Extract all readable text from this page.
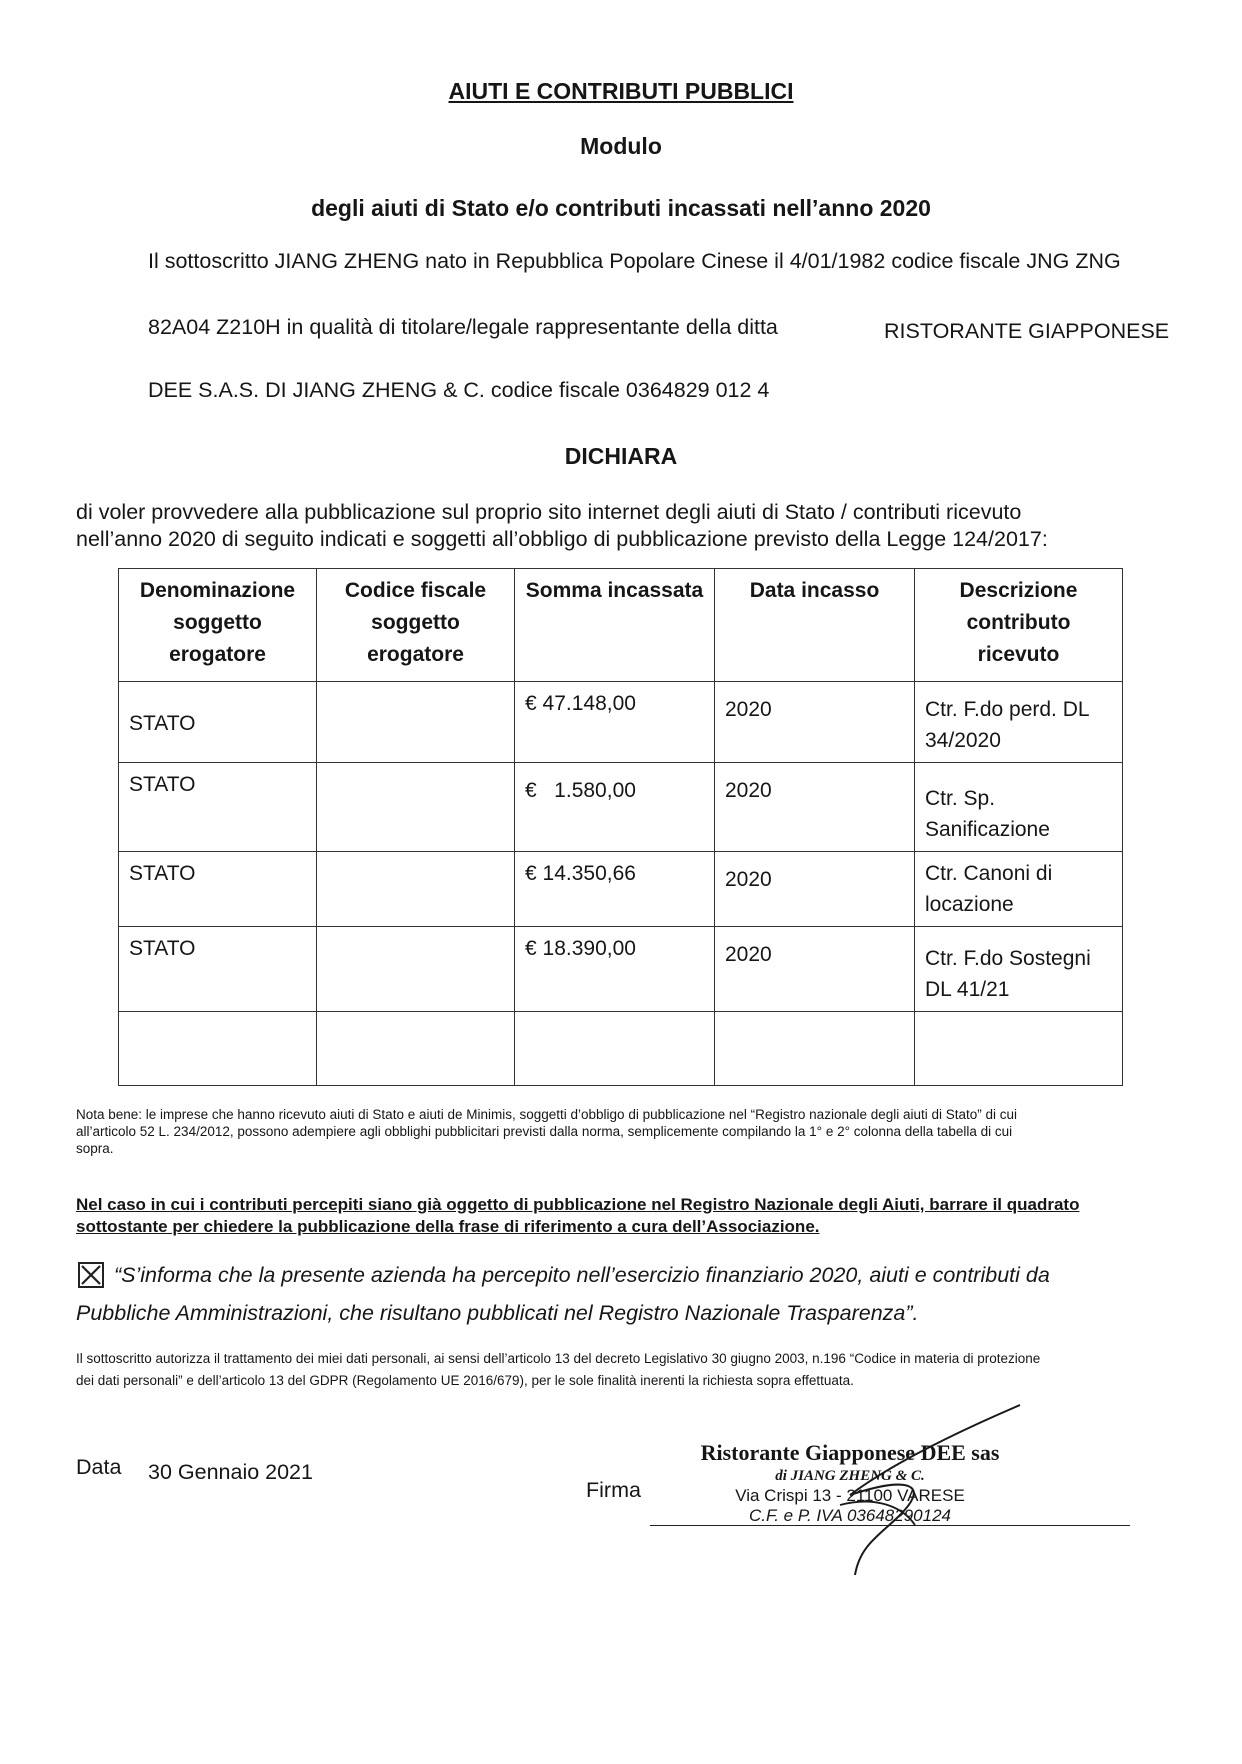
AIUTI E CONTRIBUTI PUBBLICI
Modulo
degli aiuti di Stato e/o contributi incassati nell’anno 2020
Il sottoscritto JIANG ZHENG nato in Repubblica Popolare Cinese il 4/01/1982 codice fiscale JNG ZNG
82A04 Z210H in qualità di titolare/legale rappresentante della ditta	RISTORANTE GIAPPONESE
DEE S.A.S. DI JIANG ZHENG & C. codice fiscale 0364829 012 4
DICHIARA
di voler provvedere alla pubblicazione sul proprio sito internet degli aiuti di Stato / contributi ricevuto
nell’anno 2020 di seguito indicati e soggetti all’obbligo di pubblicazione previsto della Legge 124/2017:
Denominazione soggetto erogatore	Codice fiscale soggetto erogatore	Somma incassata	Data incasso	Descrizione contributo ricevuto
STATO		€ 47.148,00	2020	Ctr. F.do perd. DL 34/2020
STATO		€   1.580,00	2020	Ctr. Sp. Sanificazione
STATO		€ 14.350,66	2020	Ctr. Canoni di locazione
STATO		€ 18.390,00	2020	Ctr. F.do Sostegni DL 41/21

Nota bene: le imprese che hanno ricevuto aiuti di Stato e aiuti de Minimis, soggetti d’obbligo di pubblicazione nel “Registro nazionale degli aiuti di Stato” di cui
all’articolo 52 L. 234/2012, possono adempiere agli obblighi pubblicitari previsti dalla norma, semplicemente compilando la 1° e 2° colonna della tabella di cui
sopra.
Nel caso in cui i contributi percepiti siano già oggetto di pubblicazione nel Registro Nazionale degli Aiuti, barrare il quadrato
sottostante per chiedere la pubblicazione della frase di riferimento a cura dell’Associazione.
“S’informa che la presente azienda ha percepito nell’esercizio finanziario 2020, aiuti e contributi da
Pubbliche Amministrazioni, che risultano pubblicati nel Registro Nazionale Trasparenza”.
Il sottoscritto autorizza il trattamento dei miei dati personali, ai sensi dell’articolo 13 del decreto Legislativo 30 giugno 2003, n.196 “Codice in materia di protezione
dei dati personali” e dell’articolo 13 del GDPR (Regolamento UE 2016/679), per le sole finalità inerenti la richiesta sopra effettuata.
Data 30 Gennaio 2021
Firma
Ristorante Giapponese DEE sas
di JIANG ZHENG & C.
Via Crispi 13 - 21100 VARESE
C.F. e P. IVA 03648290124
